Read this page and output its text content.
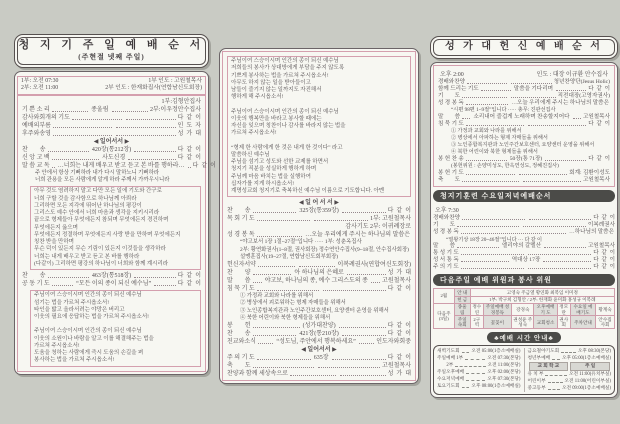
청 지 기 주 일 예 배 순 서
(주현절 넷째 주일)
1부: 오전 07:30	1부 인도 : 고원철목사
2부: 오전 11:00	2부 인도 : 한재화집사(연합남신도회장)
기 쁜 소 리	종울림
1부:김형안집사
2부:이우정안수집사
감사와회개의 기도	다  같  이
예배의부름	인  도  자
후주와송영	성  가  대
◀ 일어서서 ▶
찬        송	420장(통212장)	다  같  이
신 앙 고 백	사도신경	다  같  이
말 씀 교 독 …너희는 내게 배우고 받고 듣고 본 바를 행하라… 다  같  이
주 안에서 항상 기뻐하라 내가 다시 말하노니 기뻐하라
너희 관용을 모든 사람에게 알게 하라 주께서 가까우시니라
아무 것도 염려하지 말고 다만 모든 일에 기도와 간구로
너희 구할 것을 감사함으로 하나님께 아뢰라
그리하면 모든 지각에 뛰어난 하나님의 평강이
그리스도 예수 안에서 너희 마음과 생각을 지키시리라
끝으로 형제들아 무엇에든지 참되며 무엇에든지 경건하며
무엇에든지 옳으며
무엇에든지 정결하며 무엇에든지 사랑 받을 만하며 무엇에든지
칭찬 받을 만하며
무슨 덕이 있든지 무슨 기림이 있든지 이것들을 생각하라
너희는 내게 배우고 받고 듣고 본 바를 행하라
(다같이) 그리하면 평강의 하나님이 너희와 함께 계시리라
찬        송	463장(통518장)	다  같  이
공 동 기 도	“모든 이의 종이 되신 예수님”	다  같  이
주님이여 스승이시며 인간의 종이 되신 예수님
섬기는 법을 가르쳐 주시옵소서!
타인을 밟고 올라서려는 야망은 버리고
이웃의 필요에 응답하는 법을 가르쳐 주시옵소서!
주님이여 스승이시며 인간의 종이 되신 예수님
이웃의 소원이나 바람을 알고 이를 해결해주는 법을
가르쳐 주시옵소서!
도움을 청하는 사람에게 즉시 도움의 손길을 펴
봉사하는 법을 가르쳐 주시옵소서!
주님이여 스승이시며 인간의 종이 되신 예수님
저희들의 봉사가 상대방에게 부담을 주지 않도록
기쁘게 봉사하는 법을 가르쳐 주시옵소서!
아무도 하지 않는 일을 받아들이고
남들이 즐기지 않는 일까지도 자진해서
행하게 해 주시옵소서!
주님이여 스승이시며 인간의 종이 되신 예수님
이웃의 행복만을 바라고 봉사할 때에는
자신을 잊으며 칭찬이나 감사를 바라지 않는 법을
가르쳐 주시옵소서!
“형제 한 사람에게 한 것은 내게 한 것이다” 라고
말씀하신 예수님
주님을 섬기고 성도와 선한 교제를 하면서
청지기 직분을 성실하게 행하게 하며
주님께 마음 바치는 법을 실행하여
십자가를 지게 하시옵소서!
계명성교회 청지기로 축복하신 예수님 이름으로 기도합니다. 아멘
◀ 일 어 서 서 ▶
찬        송	325장(통359장)	다  같  이
목 회 기 도	1부: 고원철목사
감사기도 2부: 이귀례장로
성 경 봉 독	…오늘 우리에게 주시는 하나님의 말씀은
“야고보서 1장 1절~27절”입니다 ····· 1부: 성춘옥집사
2부: 황연화권사(1~8절, 권사회장) 정수연안수집사(9~18절, 안수집사회장)
설맹훈집사(19~27절, 연합남신도회부회장)
헌신자서약	이복례권사(연합여신도회장)
찬        양	아 하나님의 은혜로	성  가  대
말        씀 야고보, 하나님의 종, 예수 그리스도의 종 고원철목사
침 묵 기 도	다  같  이
① 가정과 교회와 나라를 위해서
② 병상에서 괴로워하는 형제 자매들을 위해서
③ 노인종합복지관과 노인주간보호센터, 요양센터 운영을 위해서
④ 북한 어린이와 북한 형제들을 위해서
봉        헌	(성가대찬양)	다  같  이
찬        송	421장(통210장)	다  같  이
친교와소식	“성도님, 주안에서 행복하세요”	인도자와회중
◀ 일어서서 ▶
주 의 기 도	635장	다  같  이
축        도	고원철목사
찬양과 함께 세상속으로	성  가  대
성 가 대 헌 신 예 배 순 서
오후 2:00	인도 : 대장 이규환 안수집사
경배와찬양	청년찬양단(Jesus Holic)
함께 드리는 기도	말씀을 기다리며	다  같  이
기        도	직전대장(고영자권사)
성 경 봉 독	…오늘 우리에게 주시는 하나님의 말씀은
“시편 98편 1~9절”입니다 ····· 총무: 진관선집사
말        씀 소리내어 즐겁게 노래하며 찬송할지어다 고원철목사
침 묵 기 도	다  같  이
① 가정과 교회와 나라를 위해서
② 병상에서 아파하는 형제 자매들을 위해서
③ 노인종합복지관과 노인주간보호센터, 요양센터 운영을 위해서
④ 북한 어린이와 북한 형제들을 위해서
봉 헌 찬 송	50장(통 71장)	다  같  이
(봉헌위원 : 손양미성도, 한옥연성도, 정혜진집사)
봉 헌 기 도	회계: 김환이성도
축        도	고원철목사
청지기훈련 수요일저녁예배순서
오후 7:30
경배와찬양	다  같  이
기        도	이복례권사
성 경 봉 독	…하나님의 말씀은
“열왕기상 18장 20~46절”입니다 ··· 다 같 이
말        씀	엘리야의 갈멜산	고원철목사
통 성 기 도	다  같  이
성 서 통 독	역대상 17장	다  같  이
주 의 기 도	다  같  이
다음주일 예배 위원과 봉사 위원
2월	안 내	고영숙 주금열 황연화 최복임 이미정						
	헌 금	1부: 박구희 김형안 / 2부: 한재화 윤미화 홍성규 이복례						
다음주 (3일)	종울림	정수연	주일예배 성경봉독	강경숙	오후예배 기 도	정모란	수요일 예배기도	황계숙
	주일속회	2구역	꽃꽂이	권성윤 주성숙	교회청소	권사회	주차안내	안수집사회
♣예배 시간 안내♣
새벽기도회	오전 05:00 (1층소예배실)
주일예배 1부	오전 07:30 (본당)
2부	오전 11:00 (본당)
주일오후예배	오후 02:00 (본당)
수요저녁예배	오후 07:30 (본당)
토요기도회	오후 08:00 (1층소예배실)
금요철야기도회	오후 08:30 (본당)
청년부예배	오후 05:00 (1층소예배실)
교 회 학 교	주 일
유 치 부	오전 11:00 (유치부실)
어린이부	오전 11:00 (어린이부실)
중고등부	오전 09:00 (1층소예배실)
